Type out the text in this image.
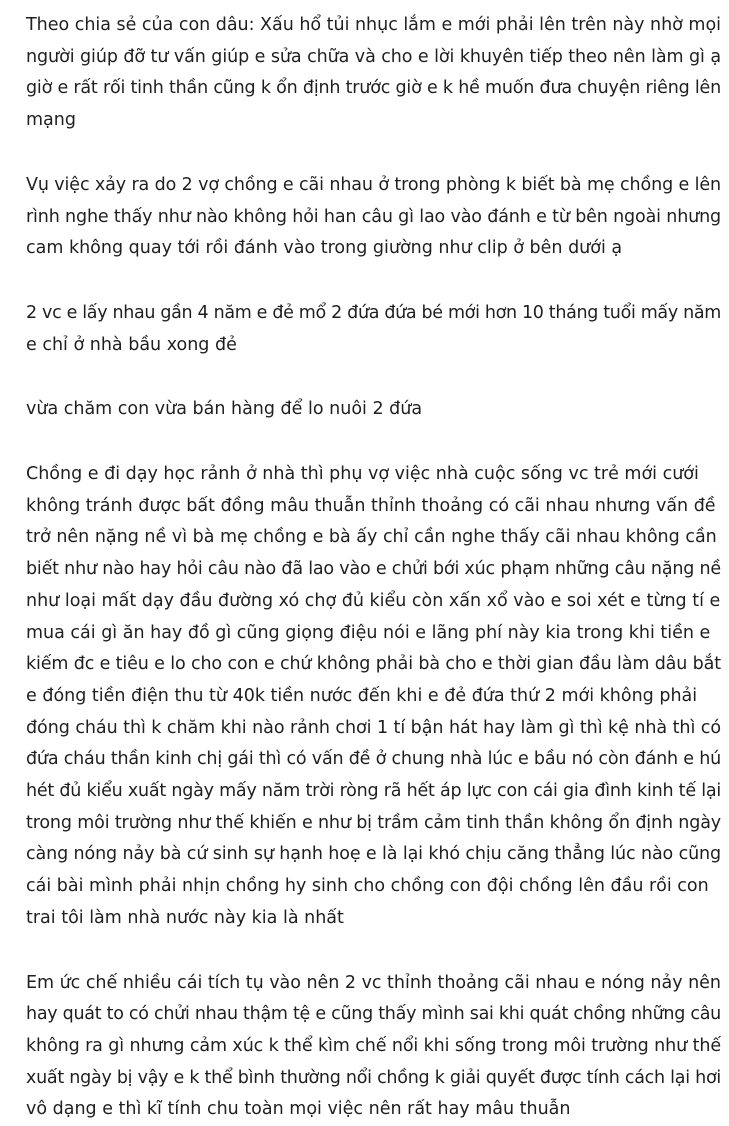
Theo chia sẻ của con dâu: Xấu hổ tủi nhục lắm e mới phải lên trên này nhờ mọi
người giúp đỡ tư vấn giúp e sửa chữa và cho e lời khuyên tiếp theo nên làm gì ạ
giờ e rất rối tinh thần cũng k ổn định trước giờ e k hề muốn đưa chuyện riêng lên
mạng

Vụ việc xảy ra do 2 vợ chồng e cãi nhau ở trong phòng k biết bà mẹ chồng e lên
rình nghe thấy như nào không hỏi han câu gì lao vào đánh e từ bên ngoài nhưng
cam không quay tới rồi đánh vào trong giường như clip ở bên dưới ạ

2 vc e lấy nhau gần 4 năm e đẻ mổ 2 đứa đứa bé mới hơn 10 tháng tuổi mấy năm
e chỉ ở nhà bầu xong đẻ

vừa chăm con vừa bán hàng để lo nuôi 2 đứa

Chồng e đi dạy học rảnh ở nhà thì phụ vợ việc nhà cuộc sống vc trẻ mới cưới
không tránh được bất đồng mâu thuẫn thỉnh thoảng có cãi nhau nhưng vấn đề
trở nên nặng nề vì bà mẹ chồng e bà ấy chỉ cần nghe thấy cãi nhau không cần
biết như nào hay hỏi câu nào đã lao vào e chửi bới xúc phạm những câu nặng nề
như loại mất dạy đầu đường xó chợ đủ kiểu còn xấn xổ vào e soi xét e từng tí e
mua cái gì ăn hay đồ gì cũng giọng điệu nói e lãng phí này kia trong khi tiền e
kiếm đc e tiêu e lo cho con e chứ không phải bà cho e thời gian đầu làm dâu bắt
e đóng tiền điện thu từ 40k tiền nước đến khi e đẻ đứa thứ 2 mới không phải
đóng cháu thì k chăm khi nào rảnh chơi 1 tí bận hát hay làm gì thì kệ nhà thì có
đứa cháu thần kinh chị gái thì có vấn đề ở chung nhà lúc e bầu nó còn đánh e hú
hét đủ kiểu xuất ngày mấy năm trời ròng rã hết áp lực con cái gia đình kinh tế lại
trong môi trường như thế khiến e như bị trầm cảm tinh thần không ổn định ngày
càng nóng nảy bà cứ sinh sự hạnh hoẹ e là lại khó chịu căng thẳng lúc nào cũng
cái bài mình phải nhịn chồng hy sinh cho chồng con đội chồng lên đầu rồi con
trai tôi làm nhà nước này kia là nhất

Em ức chế nhiều cái tích tụ vào nên 2 vc thỉnh thoảng cãi nhau e nóng nảy nên
hay quát to có chửi nhau thậm tệ e cũng thấy mình sai khi quát chồng những câu
không ra gì nhưng cảm xúc k thể kìm chế nổi khi sống trong môi trường như thế
xuất ngày bị vậy e k thể bình thường nổi chồng k giải quyết được tính cách lại hơi
vô dạng e thì kĩ tính chu toàn mọi việc nên rất hay mâu thuẫn
